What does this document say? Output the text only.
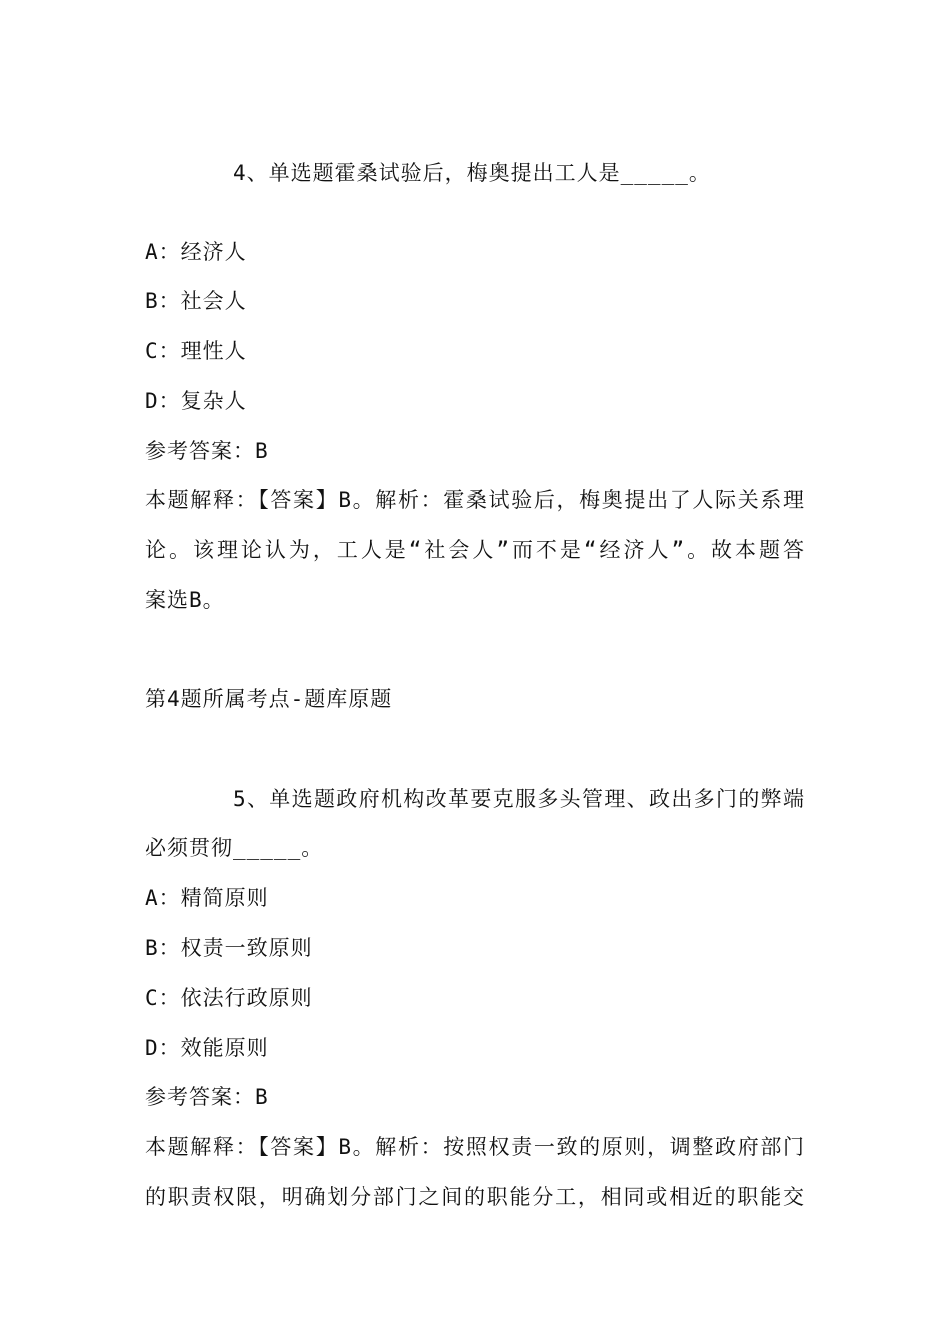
4、单选题霍桑试验后，梅奥提出工人是_____。
A：经济人
B：社会人
C：理性人
D：复杂人
参考答案：B
本题解释：【答案】B。解析：霍桑试验后，梅奥提出了人际关系理
论。该理论认为，工人是“社会人”而不是“经济人”。故本题答
案选B。
第4题所属考点-题库原题
5、单选题政府机构改革要克服多头管理、政出多门的弊端
必须贯彻_____。
A：精简原则
B：权责一致原则
C：依法行政原则
D：效能原则
参考答案：B
本题解释：【答案】B。解析：按照权责一致的原则，调整政府部门
的职责权限，明确划分部门之间的职能分工，相同或相近的职能交
